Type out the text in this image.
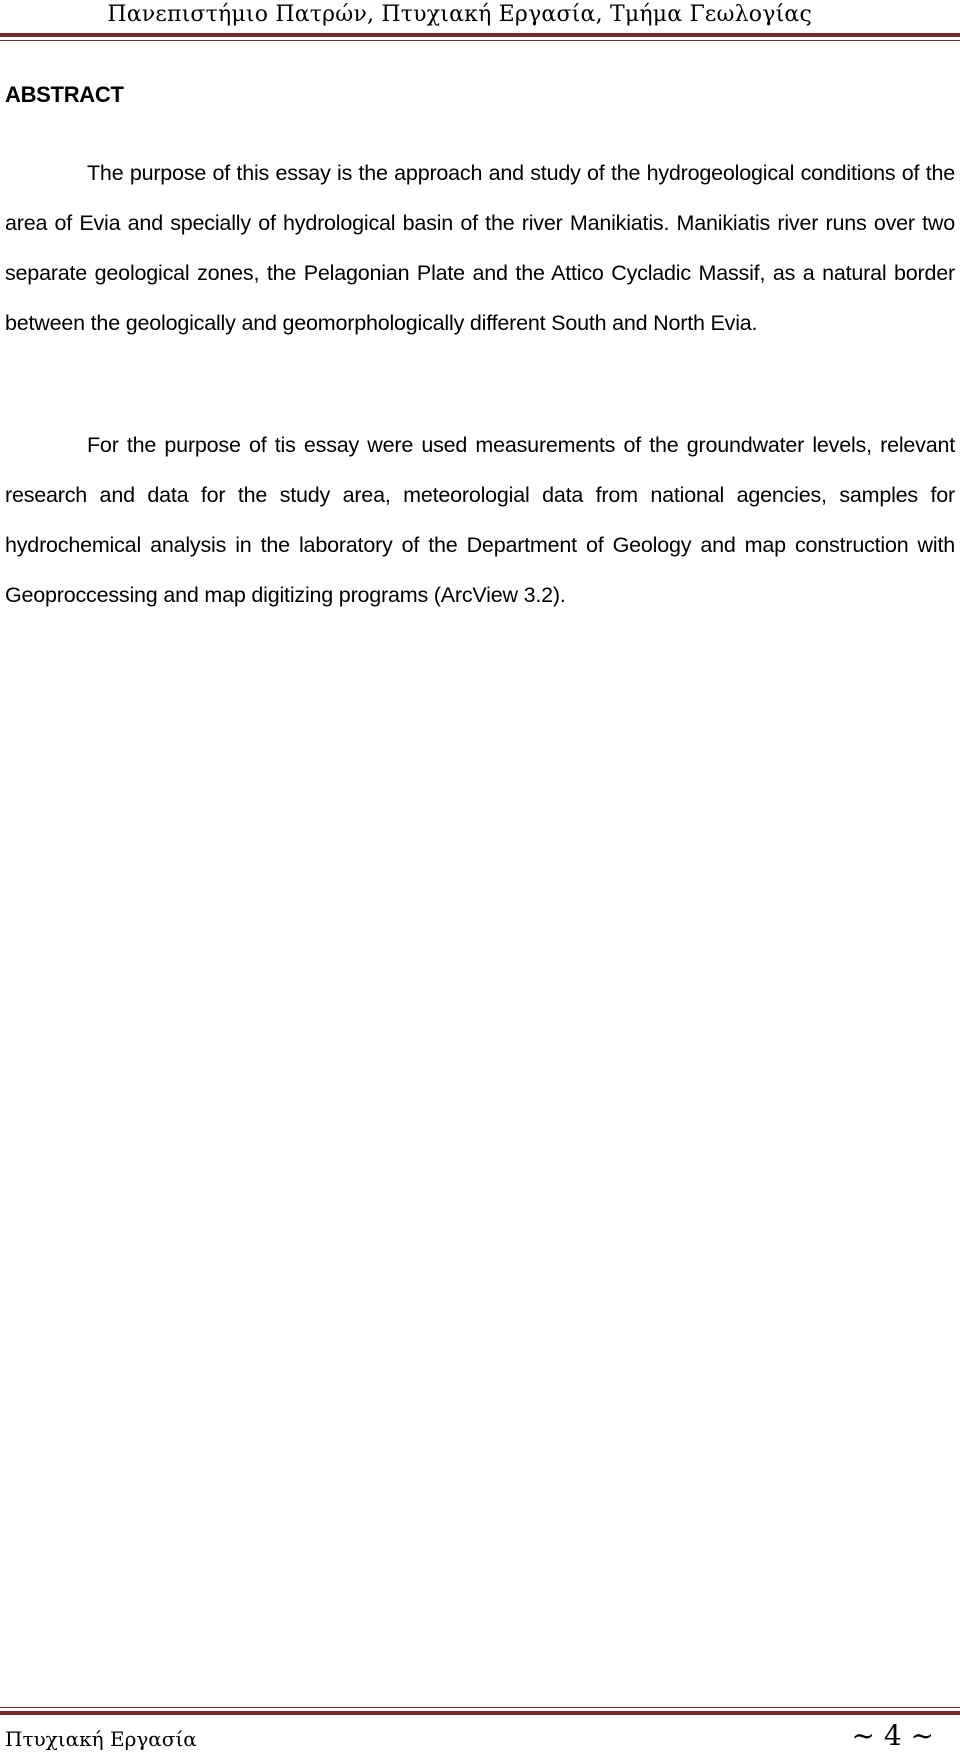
Πανεπιστήμιο Πατρών, Πτυχιακή Εργασία, Τμήμα Γεωλογίας
ABSTRACT

The purpose of this essay is the approach and study of the hydrogeological conditions of the area of Evia and specially of hydrological basin of the river Manikiatis. Manikiatis river runs over two separate geological zones, the Pelagonian Plate and the Attico Cycladic Massif, as a natural border between the geologically and geomorphologically different South and North Evia.

For the purpose of tis essay were used measurements of the groundwater levels, relevant research and data for the study area, meteorologial data from national agencies, samples for hydrochemical analysis in the laboratory of the Department of Geology and map construction with Geoproccessing and map digitizing programs (ArcView 3.2).

Πτυχιακή Εργασία	~ 4 ~
